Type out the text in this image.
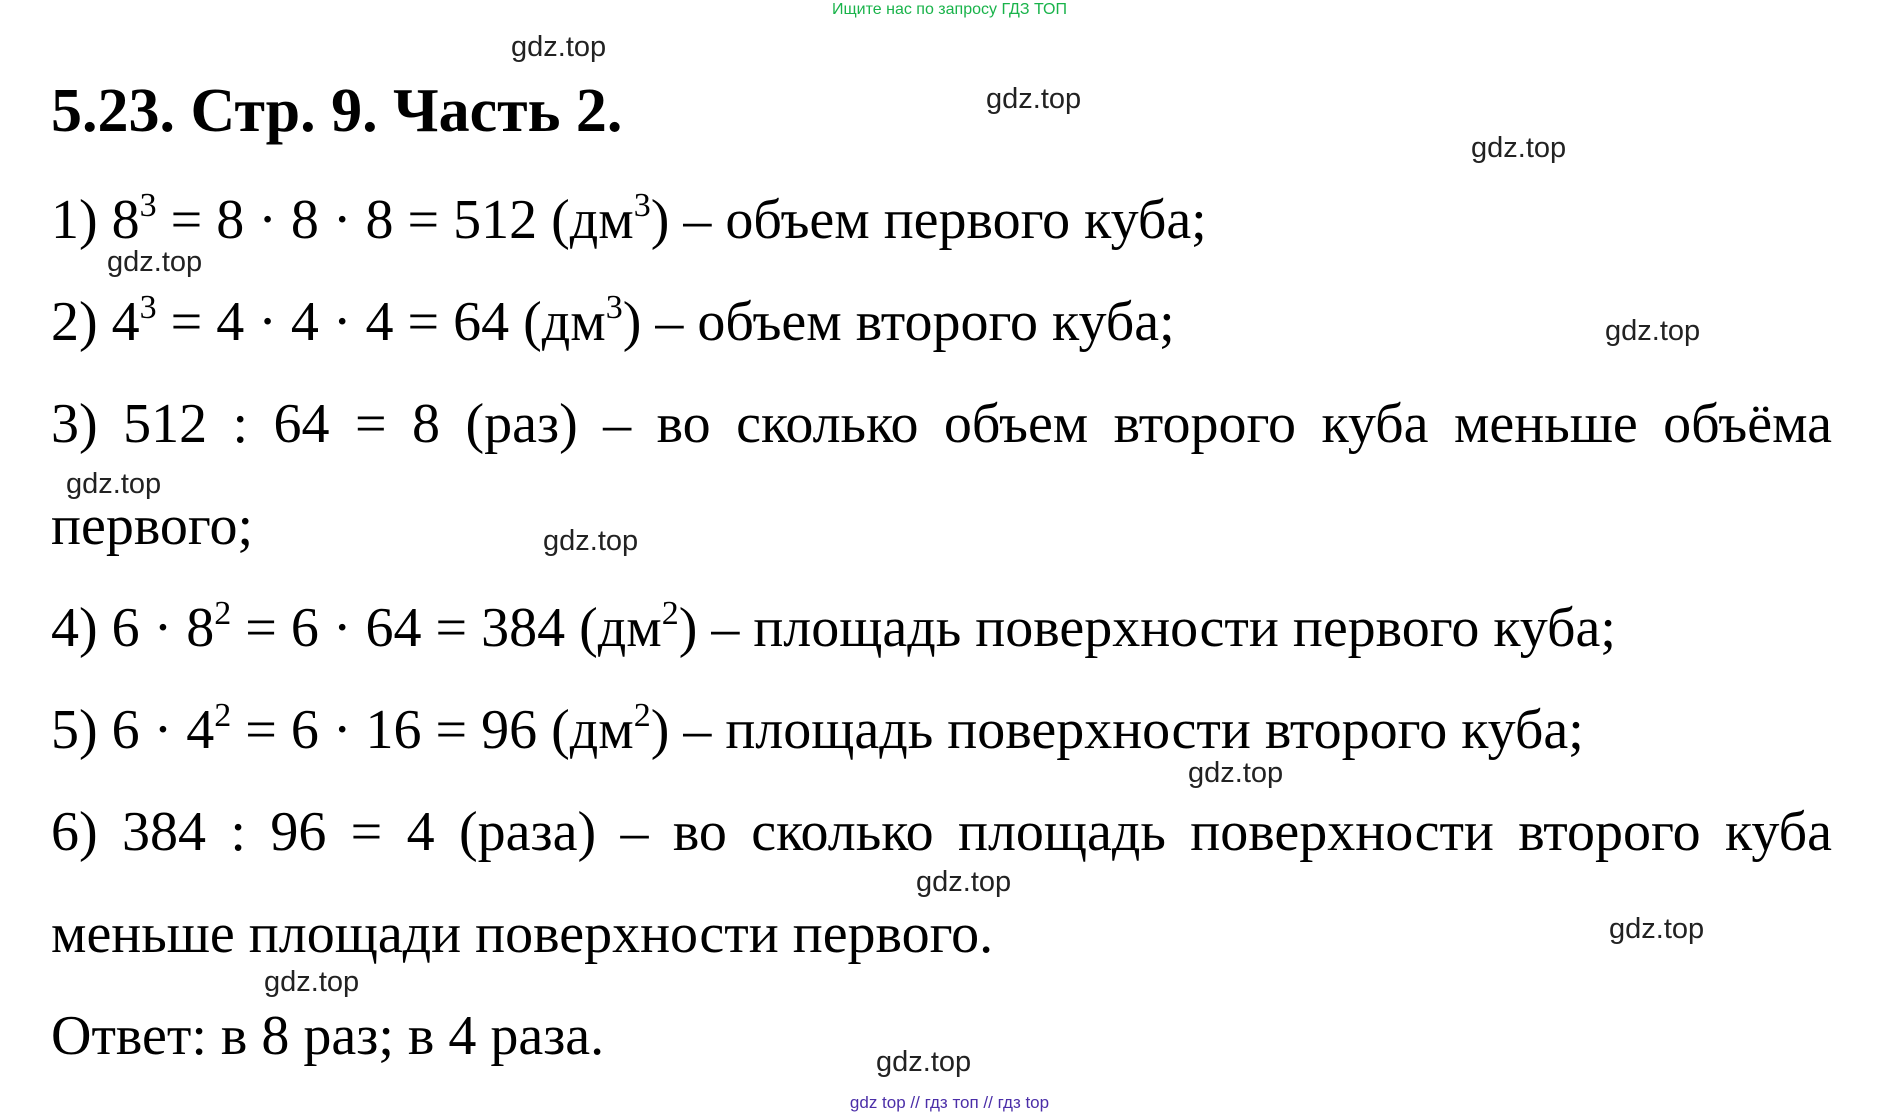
Ищите нас по запросу ГДЗ ТОП
5.23. Стр. 9. Часть 2.
1) $8^3 = 8 \cdot 8 \cdot 8 = 512$ $(дм^3)$ – объем первого куба;
2) $4^3 = 4 \cdot 4 \cdot 4 = 64$ $(дм^3)$ – объем второго куба;
3) 512 : 64 = 8 (раз) – во сколько объем второго куба меньше объёма
первого;
4) $6 \cdot 8^2 = 6 \cdot 64 = 384$ $(дм^2)$ – площадь поверхности первого куба;
5) $6 \cdot 4^2 = 6 \cdot 16 = 96$ $(дм^2)$ – площадь поверхности второго куба;
6) 384 : 96 = 4 (раза) – во сколько площадь поверхности второго куба
меньше площади поверхности первого.
Ответ: в 8 раз; в 4 раза.
gdz.top
gdz.top
gdz.top
gdz.top
gdz.top
gdz.top
gdz.top
gdz.top
gdz.top
gdz.top
gdz.top
gdz.top
gdz top // гдз топ // гдз top
